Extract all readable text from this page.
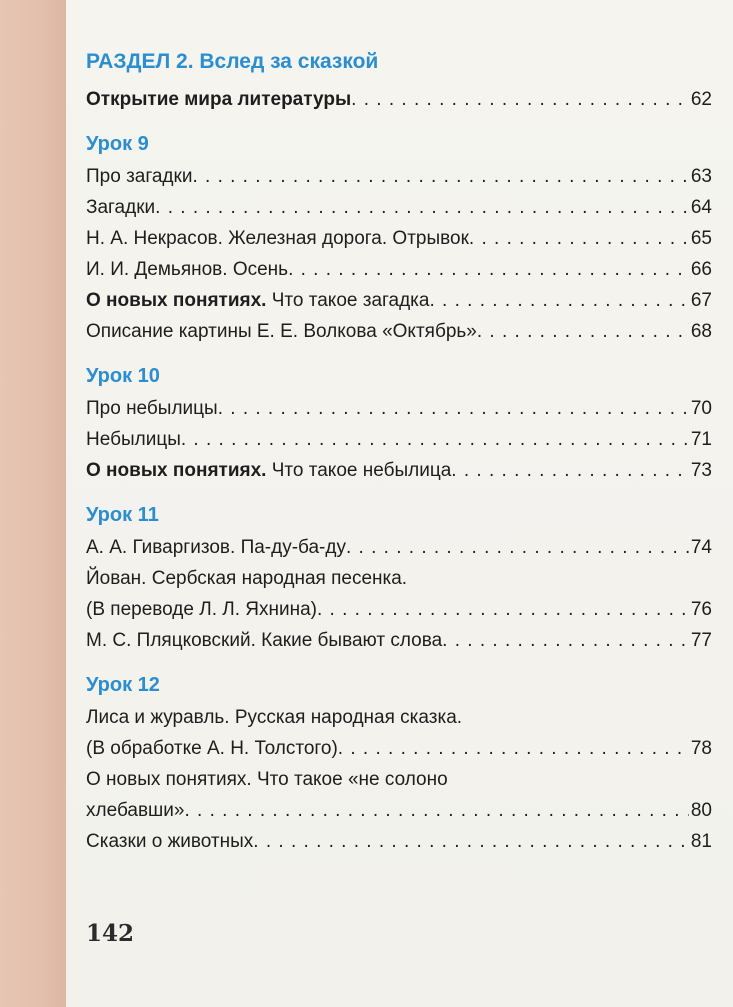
РАЗДЕЛ 2. Вслед за сказкой
Открытие мира литературы . . .	62
Урок 9
Про загадки . . .	63
Загадки . . .	64
Н. А. Некрасов. Железная дорога. Отрывок . . .	65
И. И. Демьянов. Осень . . .	66
О новых понятиях. Что такое загадка . . .	67
Описание картины Е. Е. Волкова «Октябрь» . . .	68
Урок 10
Про небылицы . . .	70
Небылицы . . .	71
О новых понятиях. Что такое небылица . . .	73
Урок 11
А. А. Гиваргизов. Па-ду-ба-ду . . .	74
Йован. Сербская народная песенка.
(В переводе Л. Л. Яхнина) . . .	76
М. С. Пляцковский. Какие бывают слова . . .	77
Урок 12
Лиса и журавль. Русская народная сказка.
(В обработке А. Н. Толстого) . . .	78
О новых понятиях. Что такое «не солоно
хлебавши» . . .	80
Сказки о животных . . .	81
142
